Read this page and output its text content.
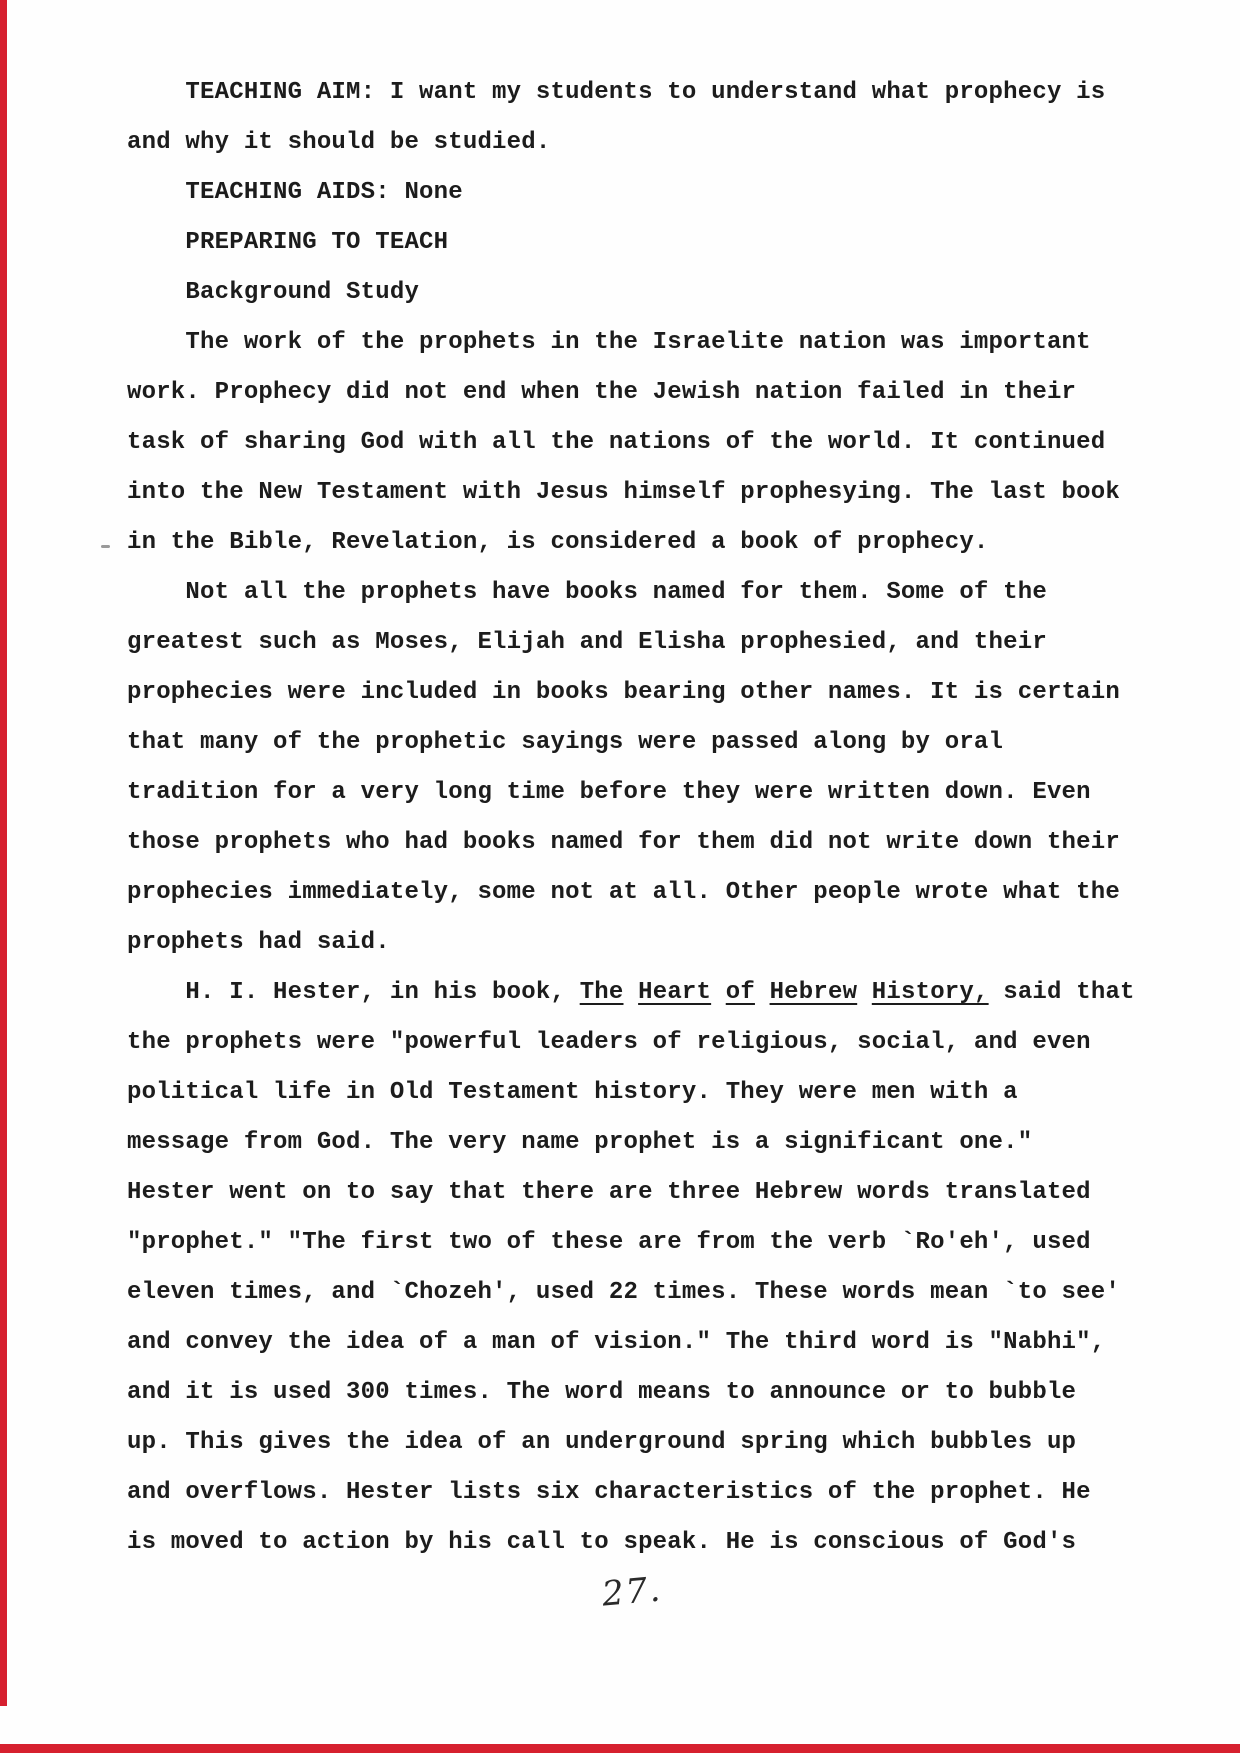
TEACHING AIM: I want my students to understand what prophecy is
and why it should be studied.
TEACHING AIDS: None
PREPARING TO TEACH
Background Study
The work of the prophets in the Israelite nation was important
work. Prophecy did not end when the Jewish nation failed in their
task of sharing God with all the nations of the world. It continued
into the New Testament with Jesus himself prophesying. The last book
in the Bible, Revelation, is considered a book of prophecy.
Not all the prophets have books named for them. Some of the
greatest such as Moses, Elijah and Elisha prophesied, and their
prophecies were included in books bearing other names. It is certain
that many of the prophetic sayings were passed along by oral
tradition for a very long time before they were written down. Even
those prophets who had books named for them did not write down their
prophecies immediately, some not at all. Other people wrote what the
prophets had said.
H. I. Hester, in his book, The Heart of Hebrew History, said that
the prophets were "powerful leaders of religious, social, and even
political life in Old Testament history. They were men with a
message from God. The very name prophet is a significant one."
Hester went on to say that there are three Hebrew words translated
"prophet." "The first two of these are from the verb `Ro'eh', used
eleven times, and `Chozeh', used 22 times. These words mean `to see'
and convey the idea of a man of vision." The third word is "Nabhi",
and it is used 300 times. The word means to announce or to bubble
up. This gives the idea of an underground spring which bubbles up
and overflows. Hester lists six characteristics of the prophet. He
is moved to action by his call to speak. He is conscious of God's
27.
